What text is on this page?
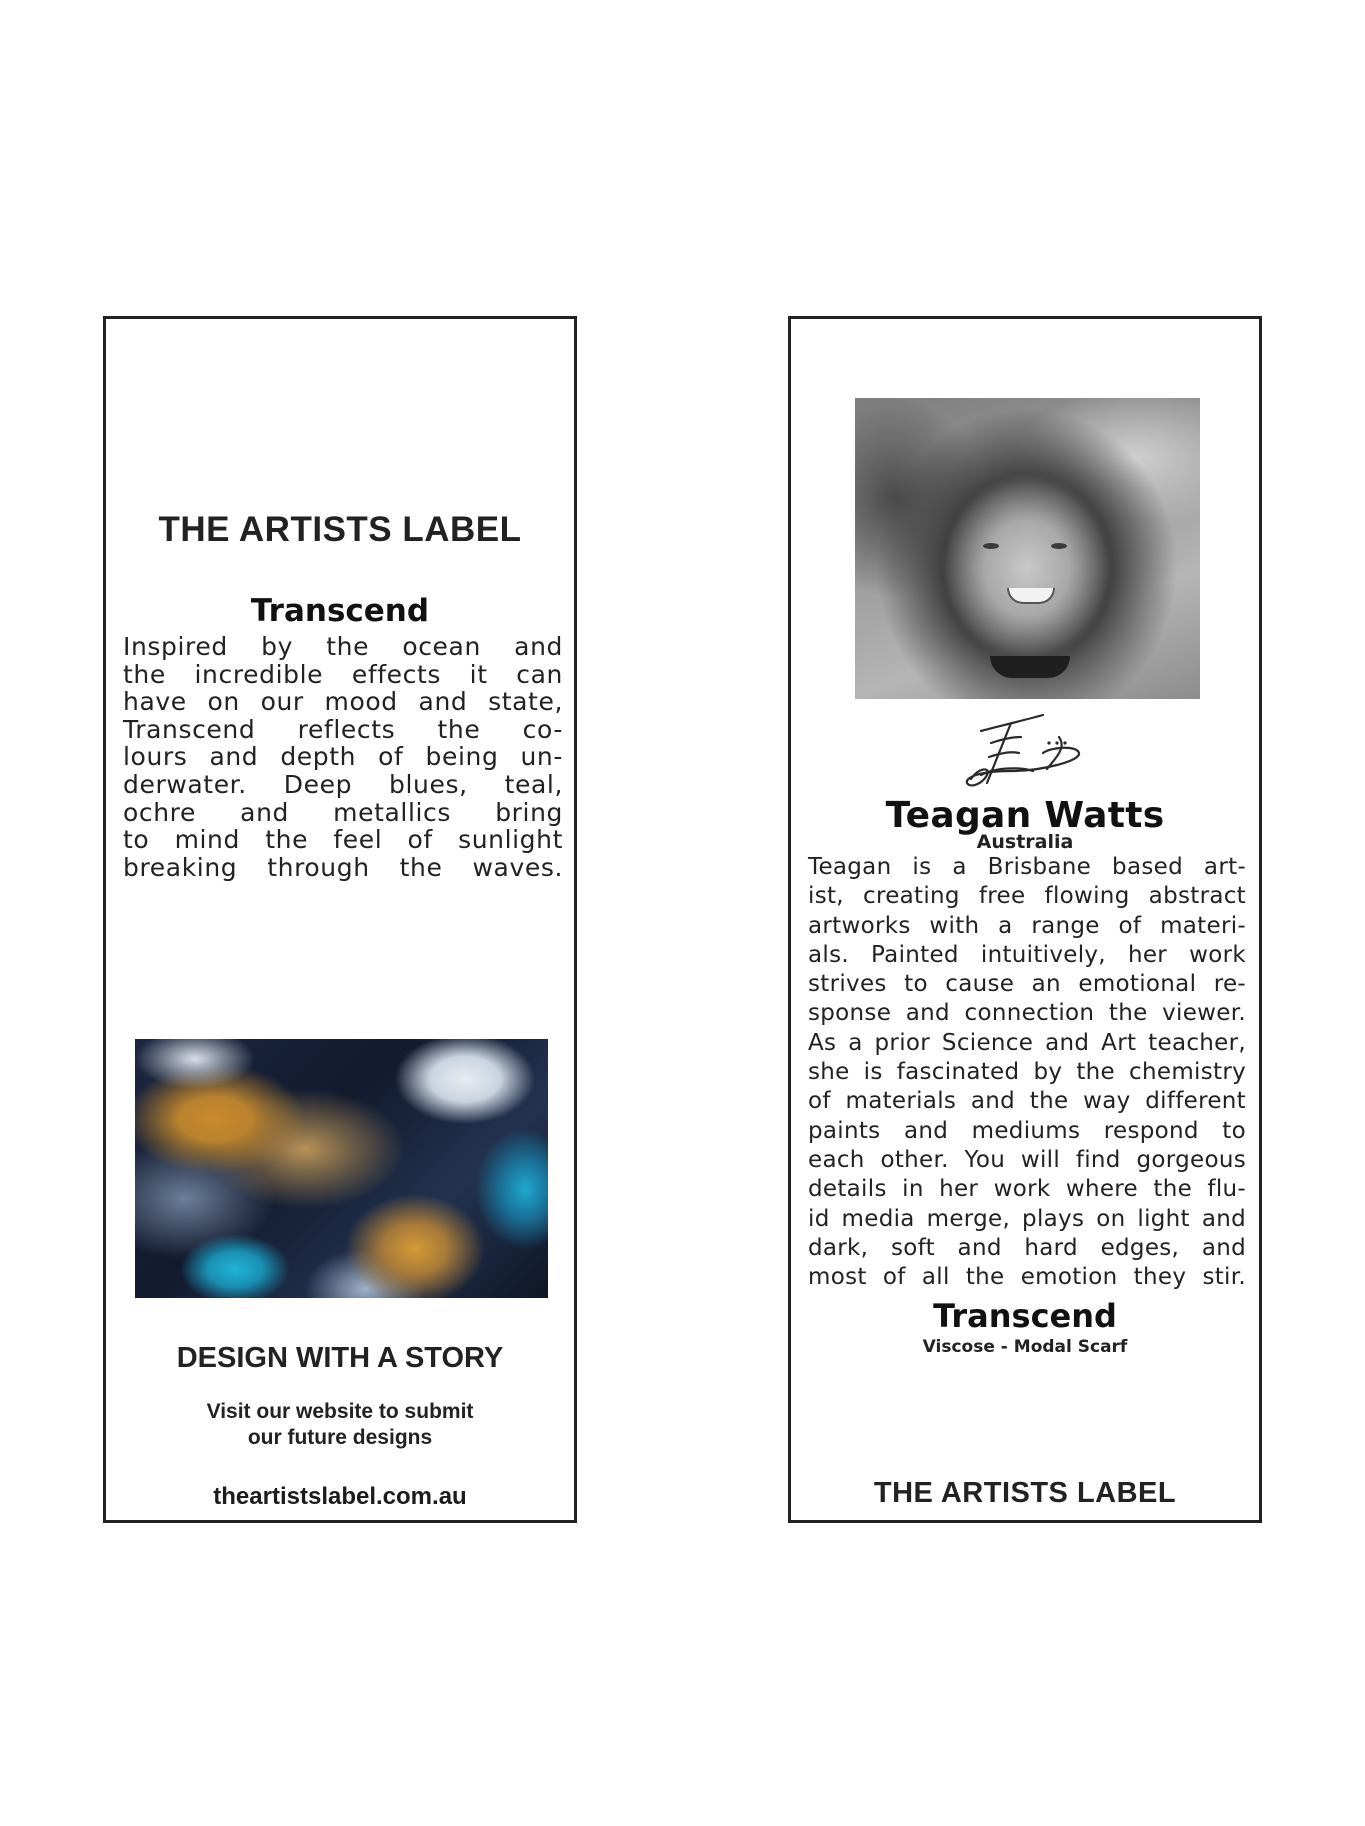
THE ARTISTS LABEL
Transcend
Inspired by the ocean and
the incredible effects it can
have on our mood and state,
Transcend reflects the co-
lours and depth of being un-
derwater. Deep blues, teal,
ochre and metallics bring
to mind the feel of sunlight
breaking through the waves.
DESIGN WITH A STORY
Visit our website to submit
our future designs
theartistslabel.com.au
Teagan Watts
Australia
Teagan is a Brisbane based art-
ist, creating free flowing abstract
artworks with a range of materi-
als. Painted intuitively, her work
strives to cause an emotional re-
sponse and connection the viewer.
As a prior Science and Art teacher,
she is fascinated by the chemistry
of materials and the way different
paints and mediums respond to
each other. You will find gorgeous
details in her work where the flu-
id media merge, plays on light and
dark, soft and hard edges, and
most of all the emotion they stir.
Transcend
Viscose - Modal Scarf
THE ARTISTS LABEL
